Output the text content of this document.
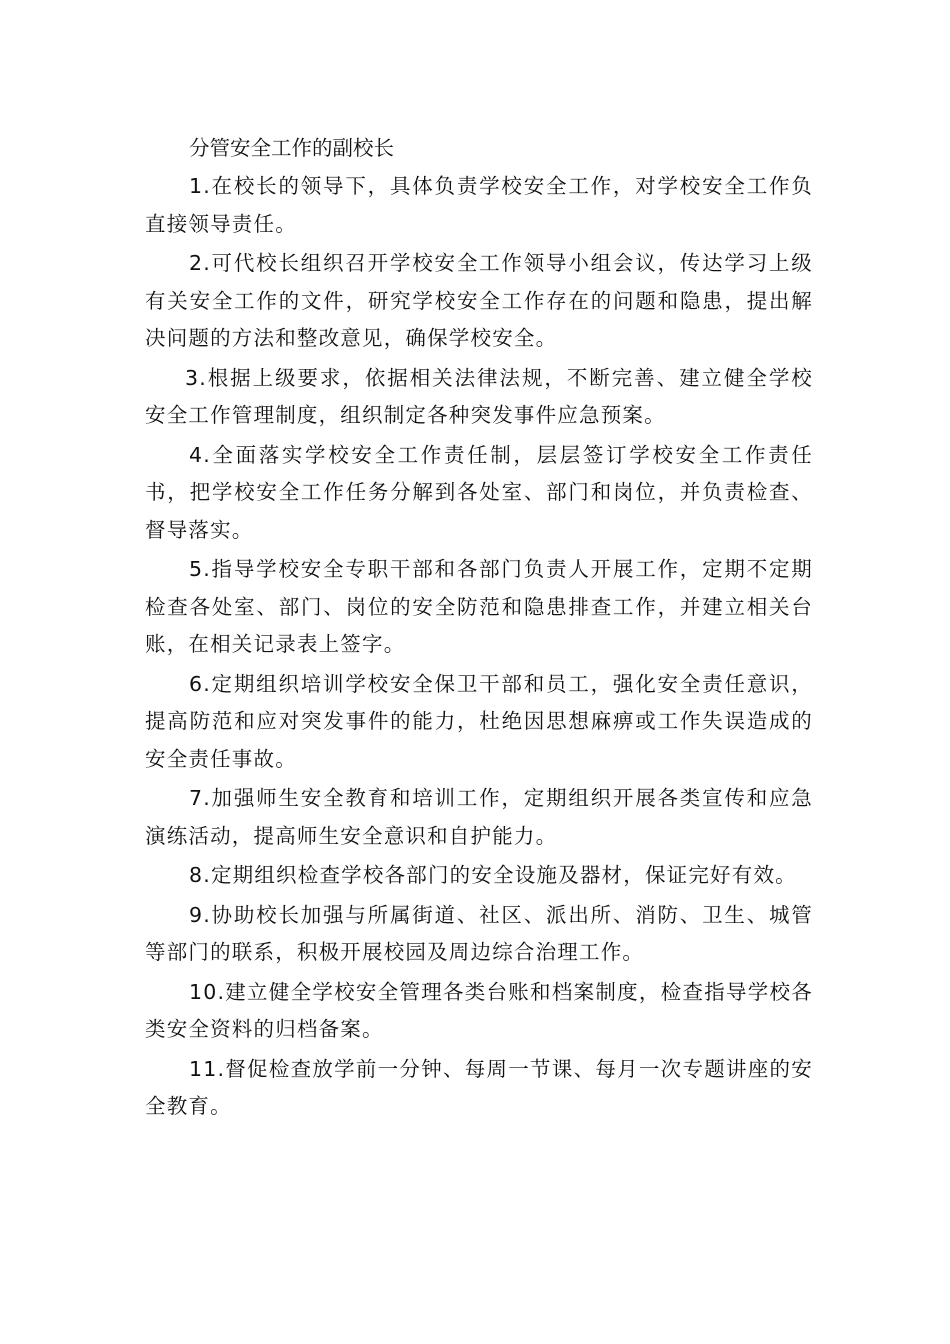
分管安全工作的副校长

1.在校长的领导下，具体负责学校安全工作，对学校安全工作负直接领导责任。

2.可代校长组织召开学校安全工作领导小组会议，传达学习上级有关安全工作的文件，研究学校安全工作存在的问题和隐患，提出解决问题的方法和整改意见，确保学校安全。

3.根据上级要求，依据相关法律法规，不断完善、建立健全学校安全工作管理制度，组织制定各种突发事件应急预案。

4.全面落实学校安全工作责任制，层层签订学校安全工作责任书，把学校安全工作任务分解到各处室、部门和岗位，并负责检查、督导落实。

5.指导学校安全专职干部和各部门负责人开展工作，定期不定期检查各处室、部门、岗位的安全防范和隐患排查工作，并建立相关台账，在相关记录表上签字。

6.定期组织培训学校安全保卫干部和员工，强化安全责任意识，提高防范和应对突发事件的能力，杜绝因思想麻痹或工作失误造成的安全责任事故。

7.加强师生安全教育和培训工作，定期组织开展各类宣传和应急演练活动，提高师生安全意识和自护能力。

8.定期组织检查学校各部门的安全设施及器材，保证完好有效。

9.协助校长加强与所属街道、社区、派出所、消防、卫生、城管等部门的联系，积极开展校园及周边综合治理工作。

10.建立健全学校安全管理各类台账和档案制度，检查指导学校各类安全资料的归档备案。

11.督促检查放学前一分钟、每周一节课、每月一次专题讲座的安全教育。
